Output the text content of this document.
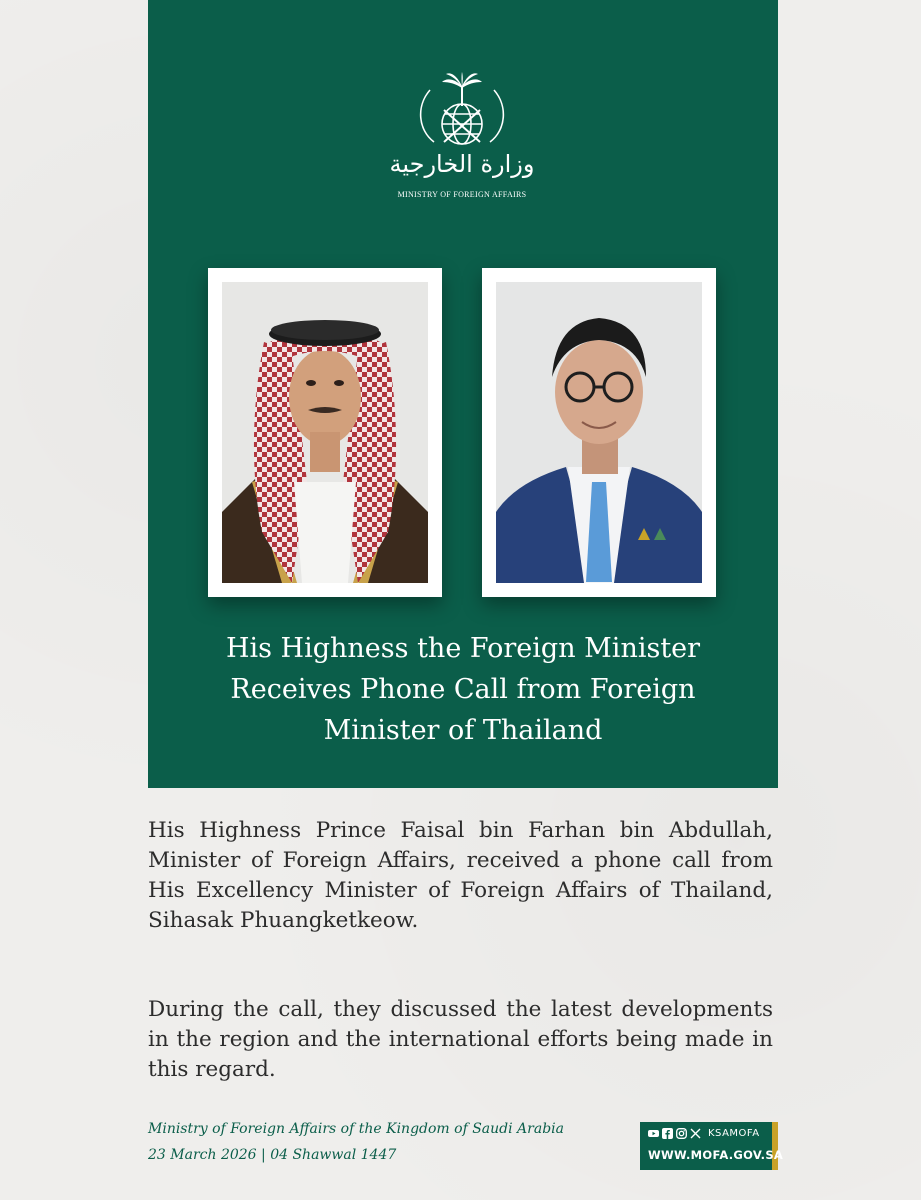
وزارة الخارجية
MINISTRY OF FOREIGN AFFAIRS
His Highness the Foreign Minister
Receives Phone Call from Foreign
Minister of Thailand

His Highness Prince Faisal bin Farhan bin Abdullah, Minister of Foreign Affairs, received a phone call from His Excellency Minister of Foreign Affairs of Thailand, Sihasak Phuangketkeow.

During the call, they discussed the latest developments in the region and the international efforts being made in this regard.

Ministry of Foreign Affairs of the Kingdom of Saudi Arabia
23 March 2026 | 04 Shawwal 1447
KSAMOFA
WWW.MOFA.GOV.SA
